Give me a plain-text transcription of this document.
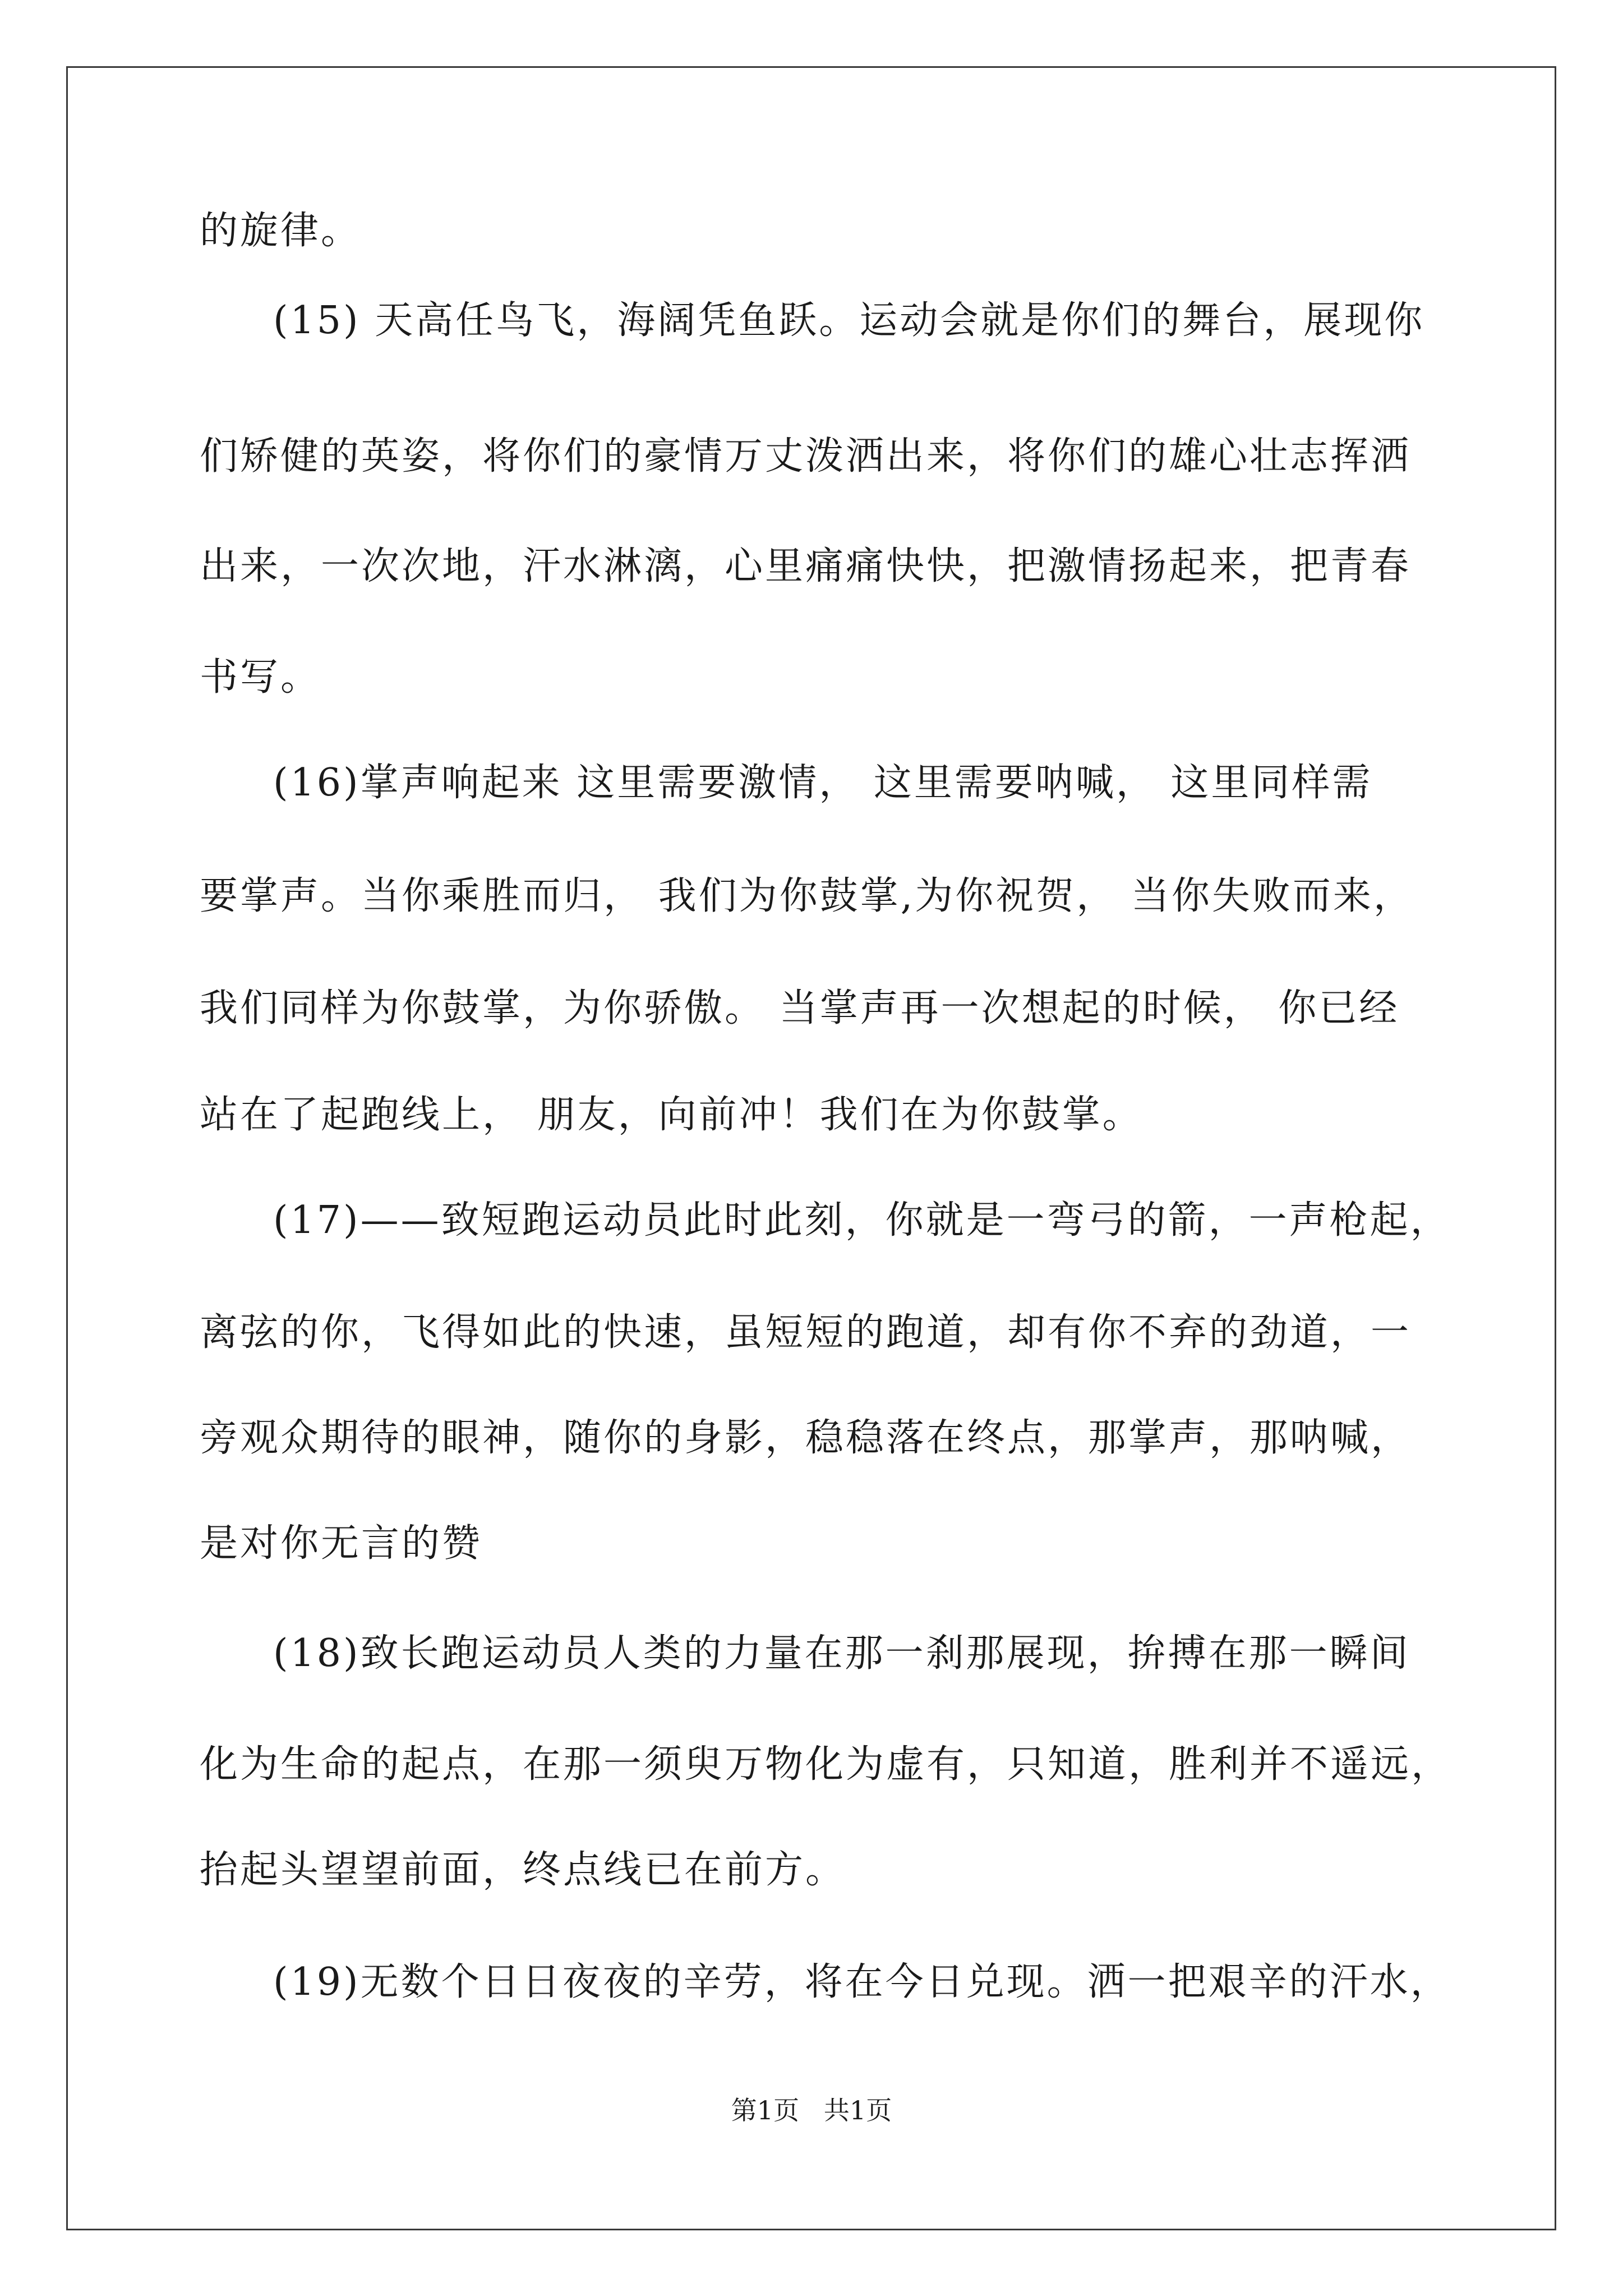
的旋律。
(15) 天高任鸟飞，海阔凭鱼跃。运动会就是你们的舞台，展现你
们矫健的英姿，将你们的豪情万丈泼洒出来，将你们的雄心壮志挥洒
出来，一次次地，汗水淋漓，心里痛痛快快，把激情扬起来，把青春
书写。
(16)掌声响起来 这里需要激情， 这里需要呐喊， 这里同样需
要掌声。当你乘胜而归， 我们为你鼓掌,为你祝贺， 当你失败而来，
我们同样为你鼓掌，为你骄傲。 当掌声再一次想起的时候， 你已经
站在了起跑线上， 朋友，向前冲！我们在为你鼓掌。
(17)——致短跑运动员此时此刻，你就是一弯弓的箭，一声枪起，
离弦的你，飞得如此的快速，虽短短的跑道，却有你不弃的劲道，一
旁观众期待的眼神，随你的身影，稳稳落在终点，那掌声，那呐喊，
是对你无言的赞
(18)致长跑运动员人类的力量在那一刹那展现，拚搏在那一瞬间
化为生命的起点，在那一须臾万物化为虚有，只知道，胜利并不遥远，
抬起头望望前面，终点线已在前方。
(19)无数个日日夜夜的辛劳，将在今日兑现。洒一把艰辛的汗水，
第1页   共1页
